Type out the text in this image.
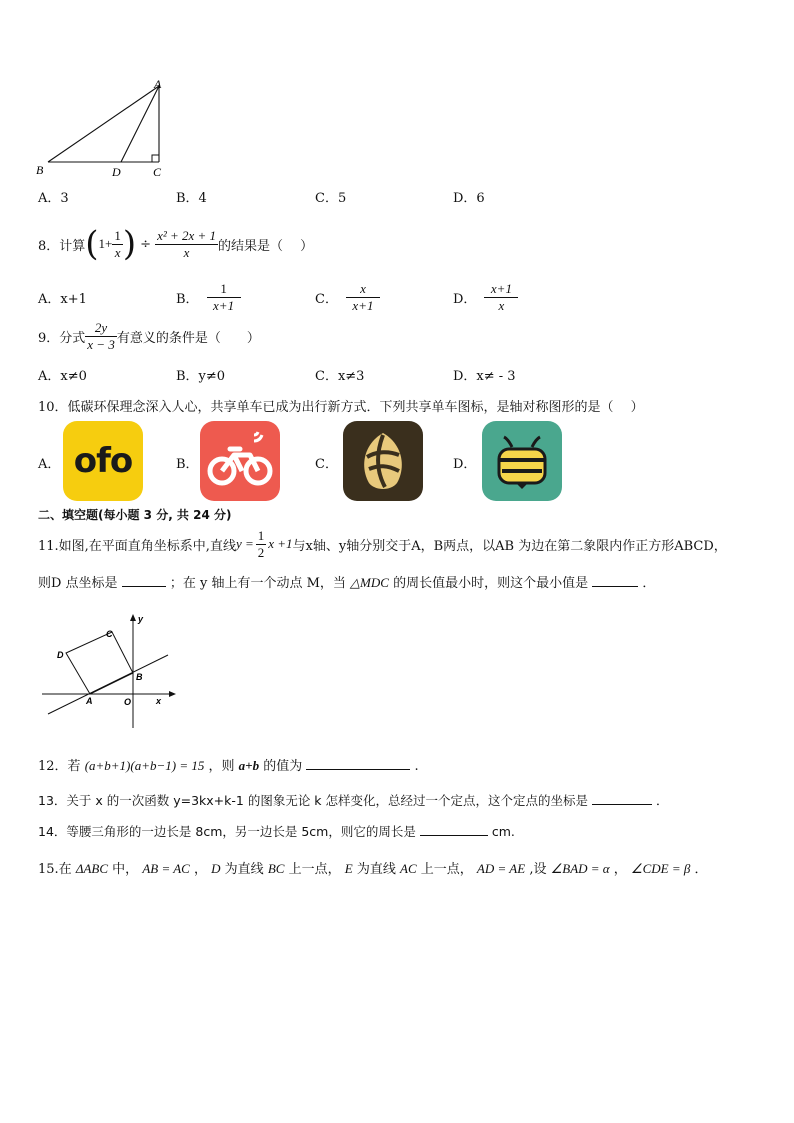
A
B	D	C
A．3	B．4	C．5	D．6
8．计算 ( $1+ \frac{1}{x}$ ) ÷ $\frac{\text{x² + 2x + 1}}{x}$ 的结果是（　 ）
A．x+1	B． $\frac{1}{x+1}$	C． $\frac{x}{x+1}$	D． $\frac{x+1}{x}$
9．分式 $\frac{2y}{x - 3}$ 有意义的条件是（　　）
A．x≠0	B．y≠0	C．x≠3	D．x≠ - 3
10．低碳环保理念深入人心，共享单车已成为出行新方式．下列共享单车图标，是轴对称图形的是（　 ）
A． ofo	B．	C．	D．
二、填空题(每小题 3 分, 共 24 分)
11.如图,在平面直角坐标系中,直线 $y = \frac{1}{2}$ x +1 与x轴、y轴分别交于A，B两点，以AB 为边在第二象限内作正方形ABCD，
则D 点坐标是	；在 y 轴上有一个动点 M，当 △MDC 的周长值最小时，则这个最小值是	．
C
D
B
A	O	x
y
12．若 (a+b+1)(a+b−1) = 15 ，则 a+b 的值为	.
13．关于 x 的一次函数 y=3kx+k-1 的图象无论 k 怎样变化，总经过一个定点，这个定点的坐标是	．
14．等腰三角形的一边长是 8cm，另一边长是 5cm，则它的周长是	cm.
15.在 ΔABC 中， AB = AC ， D 为直线 BC 上一点， E 为直线 AC 上一点， AD = AE ,设 ∠BAD = α ， ∠CDE = β ．
